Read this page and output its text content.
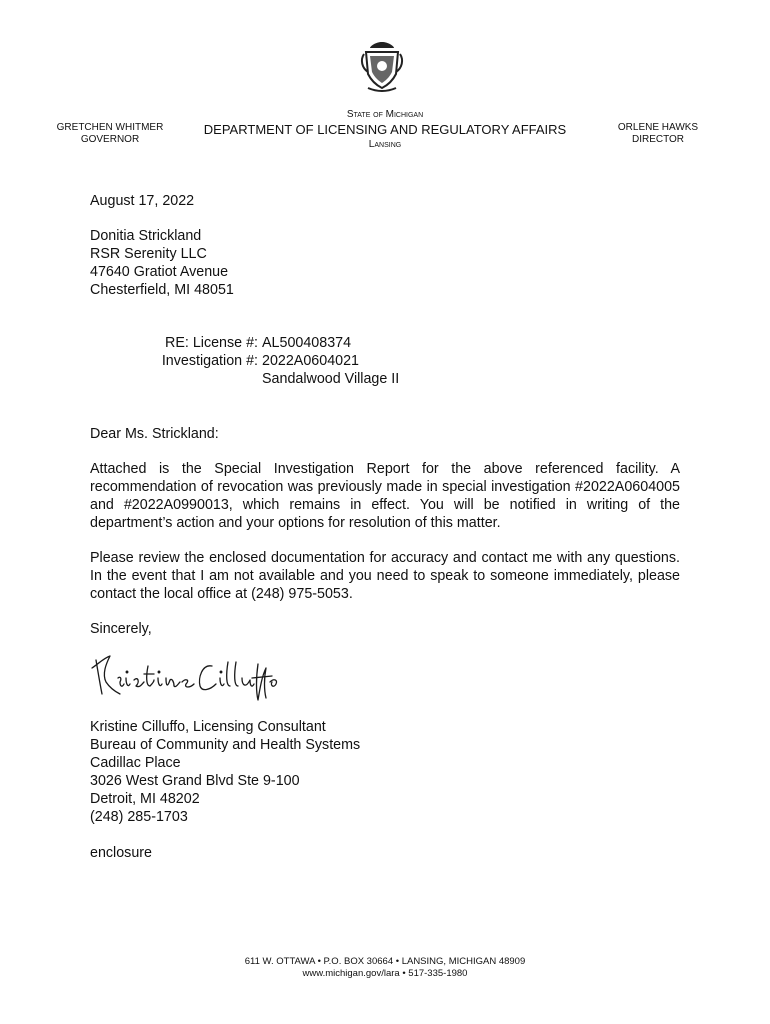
GRETCHEN WHITMER
GOVERNOR
State of Michigan
DEPARTMENT OF LICENSING AND REGULATORY AFFAIRS
Lansing
ORLENE HAWKS
DIRECTOR
August 17, 2022
Donitia Strickland
RSR Serenity LLC
47640 Gratiot Avenue
Chesterfield, MI 48051
RE: License #:
Investigation #:
AL500408374
2022A0604021
Sandalwood Village II
Dear Ms. Strickland:
Attached is the Special Investigation Report for the above referenced facility. A recommendation of revocation was previously made in special investigation #2022A0604005 and #2022A0990013, which remains in effect. You will be notified in writing of the department’s action and your options for resolution of this matter.
Please review the enclosed documentation for accuracy and contact me with any questions. In the event that I am not available and you need to speak to someone immediately, please contact the local office at (248) 975-5053.
Sincerely,
Kristine Cilluffo, Licensing Consultant
Bureau of Community and Health Systems
Cadillac Place
3026 West Grand Blvd Ste 9-100
Detroit, MI 48202
(248) 285-1703
enclosure
611 W. OTTAWA • P.O. BOX 30664 • LANSING, MICHIGAN 48909
www.michigan.gov/lara • 517-335-1980
